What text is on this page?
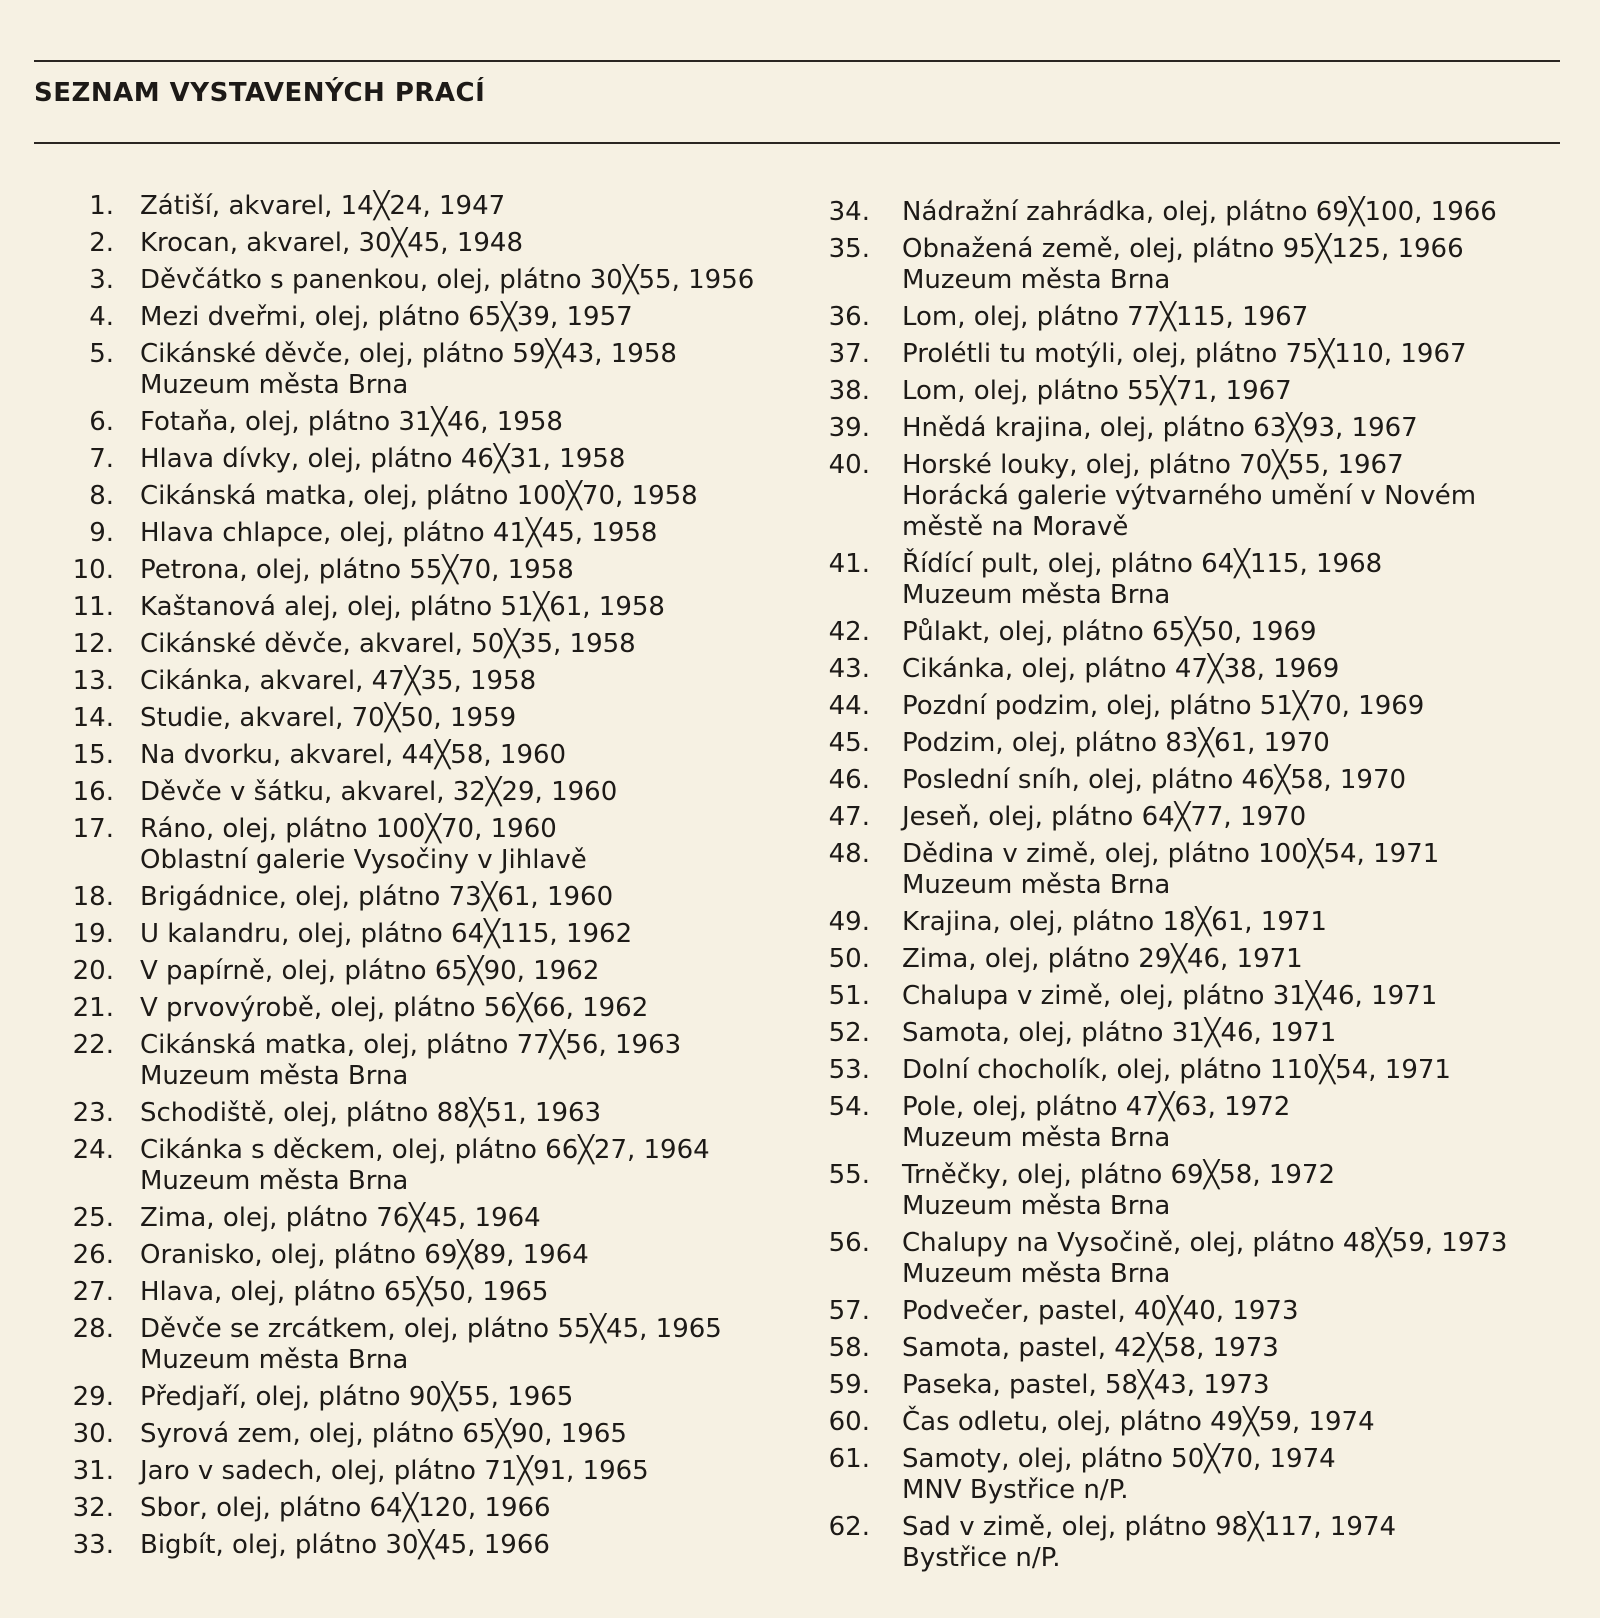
SEZNAM VYSTAVENÝCH PRACÍ
1. Zátiší, akvarel, 14╳24, 1947
2. Krocan, akvarel, 30╳45, 1948
3. Děvčátko s panenkou, olej, plátno 30╳55, 1956
4. Mezi dveřmi, olej, plátno 65╳39, 1957
5. Cikánské děvče, olej, plátno 59╳43, 1958
Muzeum města Brna
6. Fotaňa, olej, plátno 31╳46, 1958
7. Hlava dívky, olej, plátno 46╳31, 1958
8. Cikánská matka, olej, plátno 100╳70, 1958
9. Hlava chlapce, olej, plátno 41╳45, 1958
10. Petrona, olej, plátno 55╳70, 1958
11. Kaštanová alej, olej, plátno 51╳61, 1958
12. Cikánské děvče, akvarel, 50╳35, 1958
13. Cikánka, akvarel, 47╳35, 1958
14. Studie, akvarel, 70╳50, 1959
15. Na dvorku, akvarel, 44╳58, 1960
16. Děvče v šátku, akvarel, 32╳29, 1960
17. Ráno, olej, plátno 100╳70, 1960
Oblastní galerie Vysočiny v Jihlavě
18. Brigádnice, olej, plátno 73╳61, 1960
19. U kalandru, olej, plátno 64╳115, 1962
20. V papírně, olej, plátno 65╳90, 1962
21. V prvovýrobě, olej, plátno 56╳66, 1962
22. Cikánská matka, olej, plátno 77╳56, 1963
Muzeum města Brna
23. Schodiště, olej, plátno 88╳51, 1963
24. Cikánka s děckem, olej, plátno 66╳27, 1964
Muzeum města Brna
25. Zima, olej, plátno 76╳45, 1964
26. Oranisko, olej, plátno 69╳89, 1964
27. Hlava, olej, plátno 65╳50, 1965
28. Děvče se zrcátkem, olej, plátno 55╳45, 1965
Muzeum města Brna
29. Předjaří, olej, plátno 90╳55, 1965
30. Syrová zem, olej, plátno 65╳90, 1965
31. Jaro v sadech, olej, plátno 71╳91, 1965
32. Sbor, olej, plátno 64╳120, 1966
33. Bigbít, olej, plátno 30╳45, 1966
34. Nádražní zahrádka, olej, plátno 69╳100, 1966
35. Obnažená země, olej, plátno 95╳125, 1966
Muzeum města Brna
36. Lom, olej, plátno 77╳115, 1967
37. Prolétli tu motýli, olej, plátno 75╳110, 1967
38. Lom, olej, plátno 55╳71, 1967
39. Hnědá krajina, olej, plátno 63╳93, 1967
40. Horské louky, olej, plátno 70╳55, 1967
Horácká galerie výtvarného umění v Novém
městě na Moravě
41. Řídící pult, olej, plátno 64╳115, 1968
Muzeum města Brna
42. Půlakt, olej, plátno 65╳50, 1969
43. Cikánka, olej, plátno 47╳38, 1969
44. Pozdní podzim, olej, plátno 51╳70, 1969
45. Podzim, olej, plátno 83╳61, 1970
46. Poslední sníh, olej, plátno 46╳58, 1970
47. Jeseň, olej, plátno 64╳77, 1970
48. Dědina v zimě, olej, plátno 100╳54, 1971
Muzeum města Brna
49. Krajina, olej, plátno 18╳61, 1971
50. Zima, olej, plátno 29╳46, 1971
51. Chalupa v zimě, olej, plátno 31╳46, 1971
52. Samota, olej, plátno 31╳46, 1971
53. Dolní chocholík, olej, plátno 110╳54, 1971
54. Pole, olej, plátno 47╳63, 1972
Muzeum města Brna
55. Trněčky, olej, plátno 69╳58, 1972
Muzeum města Brna
56. Chalupy na Vysočině, olej, plátno 48╳59, 1973
Muzeum města Brna
57. Podvečer, pastel, 40╳40, 1973
58. Samota, pastel, 42╳58, 1973
59. Paseka, pastel, 58╳43, 1973
60. Čas odletu, olej, plátno 49╳59, 1974
61. Samoty, olej, plátno 50╳70, 1974
MNV Bystřice n/P.
62. Sad v zimě, olej, plátno 98╳117, 1974
Bystřice n/P.
